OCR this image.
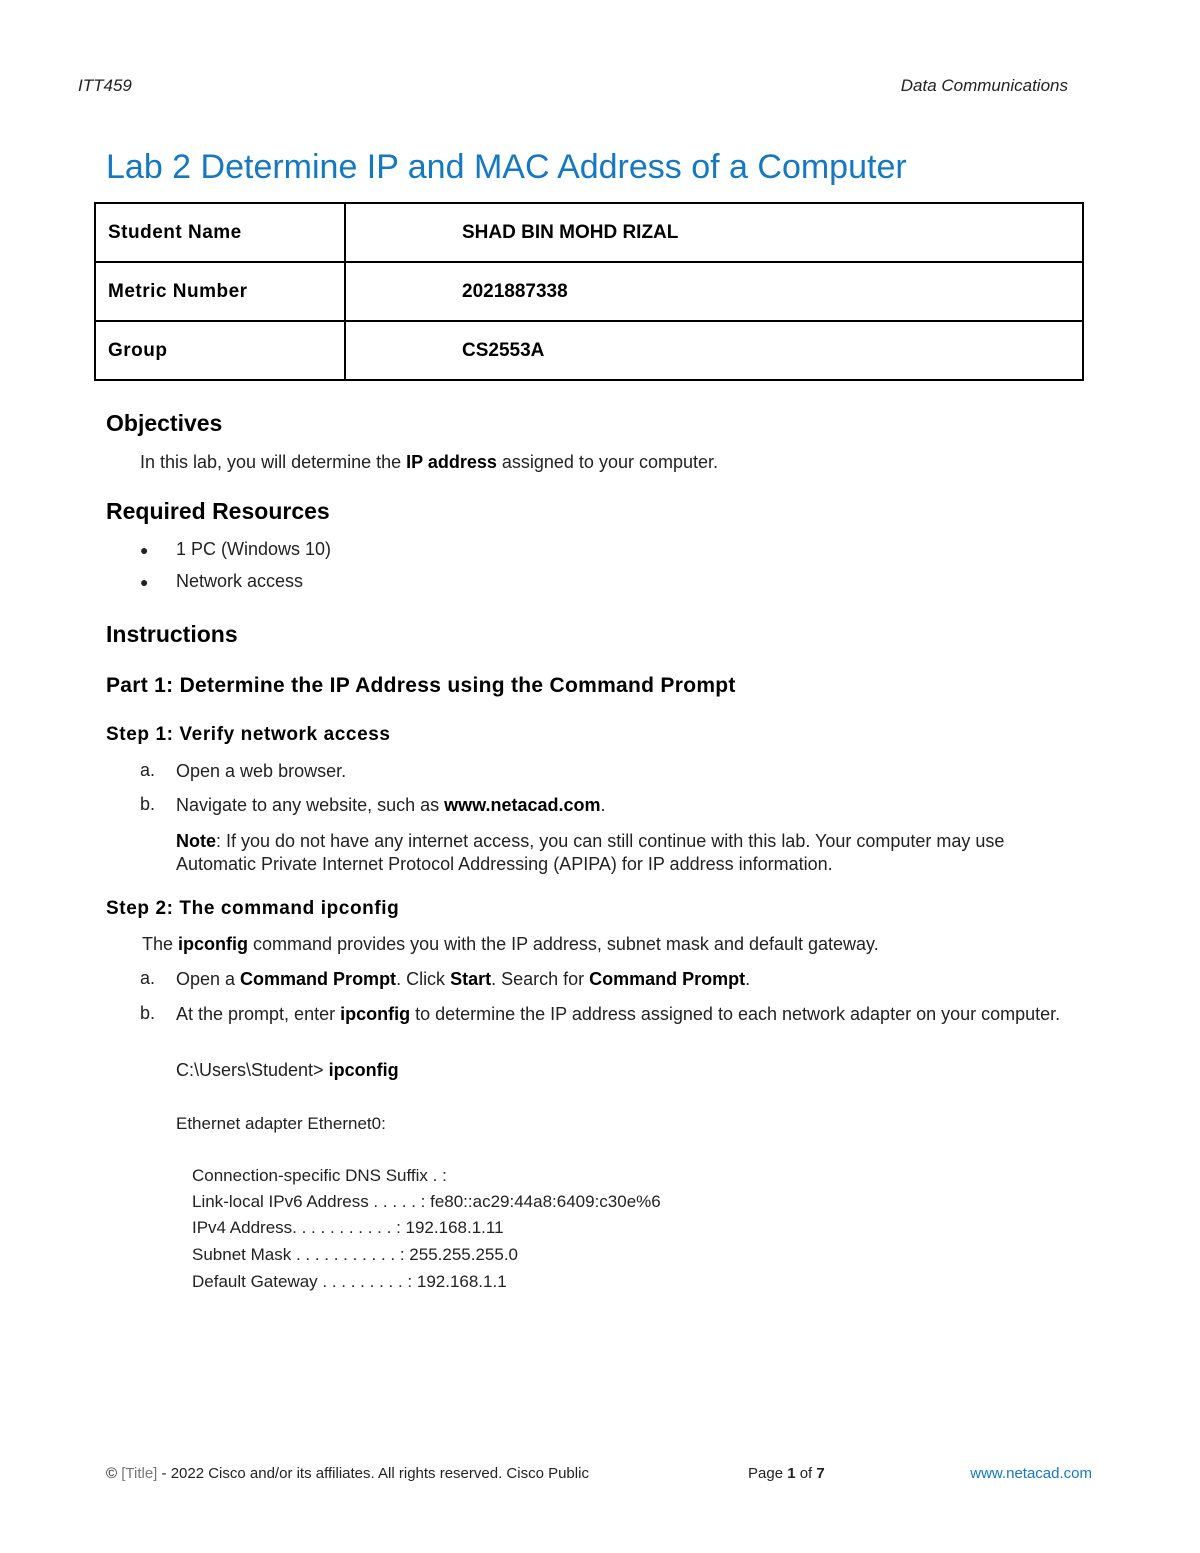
ITT459	Data Communications
Lab 2 Determine IP and MAC Address of a Computer
Student Name	SHAD BIN MOHD RIZAL
Metric Number	2021887338
Group	CS2553A
Objectives
In this lab, you will determine the IP address assigned to your computer.
Required Resources
● 1 PC (Windows 10)
● Network access
Instructions
Part 1: Determine the IP Address using the Command Prompt
Step 1: Verify network access
a. Open a web browser.
b. Navigate to any website, such as www.netacad.com.
Note: If you do not have any internet access, you can still continue with this lab. Your computer may use Automatic Private Internet Protocol Addressing (APIPA) for IP address information.
Step 2: The command ipconfig
The ipconfig command provides you with the IP address, subnet mask and default gateway.
a. Open a Command Prompt. Click Start. Search for Command Prompt.
b. At the prompt, enter ipconfig to determine the IP address assigned to each network adapter on your computer.
C:\Users\Student> ipconfig
Ethernet adapter Ethernet0:
Connection-specific DNS Suffix . :
Link-local IPv6 Address . . . . . : fe80::ac29:44a8:6409:c30e%6
IPv4 Address. . . . . . . . . . . : 192.168.1.11
Subnet Mask . . . . . . . . . . . : 255.255.255.0
Default Gateway . . . . . . . . . : 192.168.1.1
© [Title] - 2022 Cisco and/or its affiliates. All rights reserved. Cisco Public	Page 1 of 7	www.netacad.com
